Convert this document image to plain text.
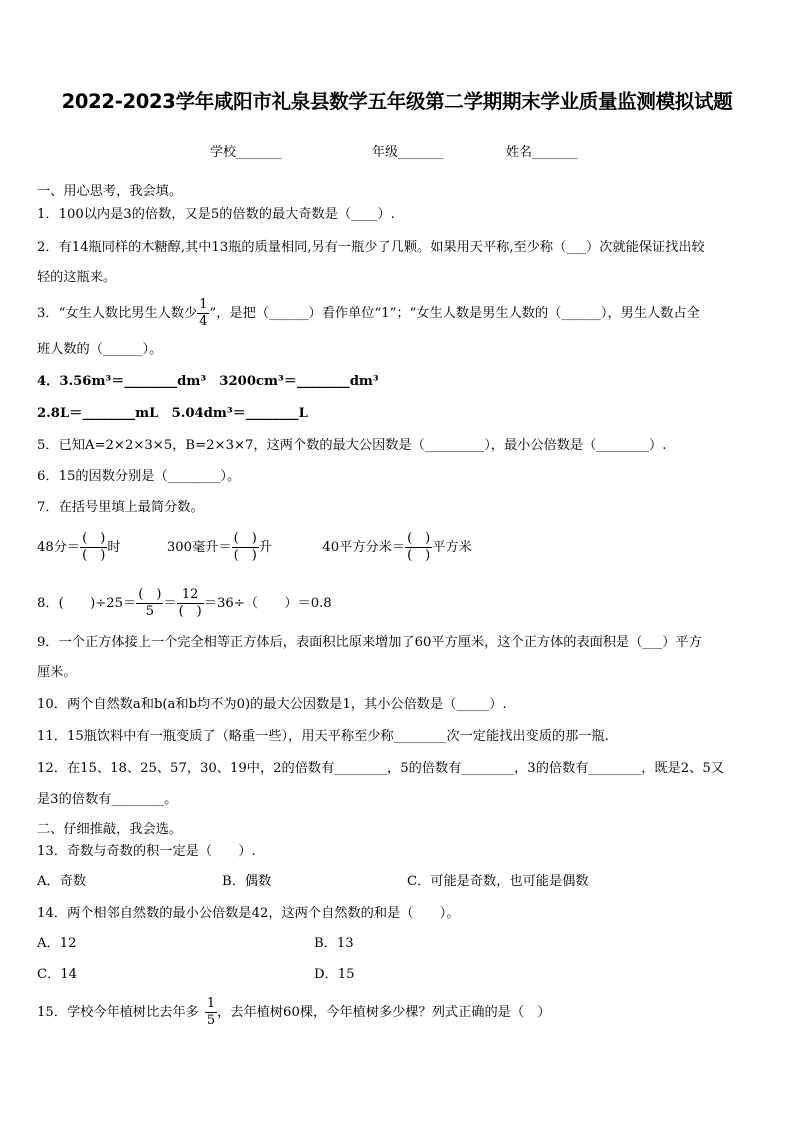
2022-2023学年咸阳市礼泉县数学五年级第二学期期末学业质量监测模拟试题
学校_______	年级_______	姓名_______
一、用心思考，我会填。
1．100以内是3的倍数，又是5的倍数的最大奇数是（____）.
2．有14瓶同样的木糖醇,其中13瓶的质量相同,另有一瓶少了几颗。如果用天平称,至少称（___）次就能保证找出较
轻的这瓶来。
3．“女生人数比男生人数少 $\frac{1}{4}$ ”，是把（______）看作单位“1”；“女生人数是男生人数的（______），男生人数占全
班人数的（______）。
4．3.56m³＝________dm³　3200cm³＝________dm³
2.8L＝________mL　5.04dm³＝________L
5．已知A=2×2×3×5，B=2×3×7，这两个数的最大公因数是（_________），最小公倍数是（________）.
6．15的因数分别是（________）。
7．在括号里填上最简分数。
48分＝ $\frac{( )}{( )}$ 时	300毫升＝ $\frac{( )}{( )}$ 升	40平方分米＝ $\frac{( )}{( )}$ 平方米
8．(　　)$\div 25= \frac{( )}{5} = \frac{12}{( )} =36\div$（　　）＝0.8
9．一个正方体接上一个完全相等正方体后，表面积比原来增加了60平方厘米，这个正方体的表面积是（___）平方
厘米。
10．两个自然数a和b(a和b均不为0)的最大公因数是1，其小公倍数是（_____）.
11．15瓶饮料中有一瓶变质了（略重一些），用天平称至少称________次一定能找出变质的那一瓶.
12．在15、18、25、57，30、19中，2的倍数有________，5的倍数有________，3的倍数有________，既是2、5又
是3的倍数有________。
二、仔细推敲，我会选。
13．奇数与奇数的积一定是（　　）.
A．奇数	B．偶数	C．可能是奇数，也可能是偶数
14．两个相邻自然数的最小公倍数是42，这两个自然数的和是（　　）。
A．12	B．13
C．14	D．15
15．学校今年植树比去年多 $\frac{1}{5}$ ，去年植树60棵，今年植树多少棵？列式正确的是（　）
